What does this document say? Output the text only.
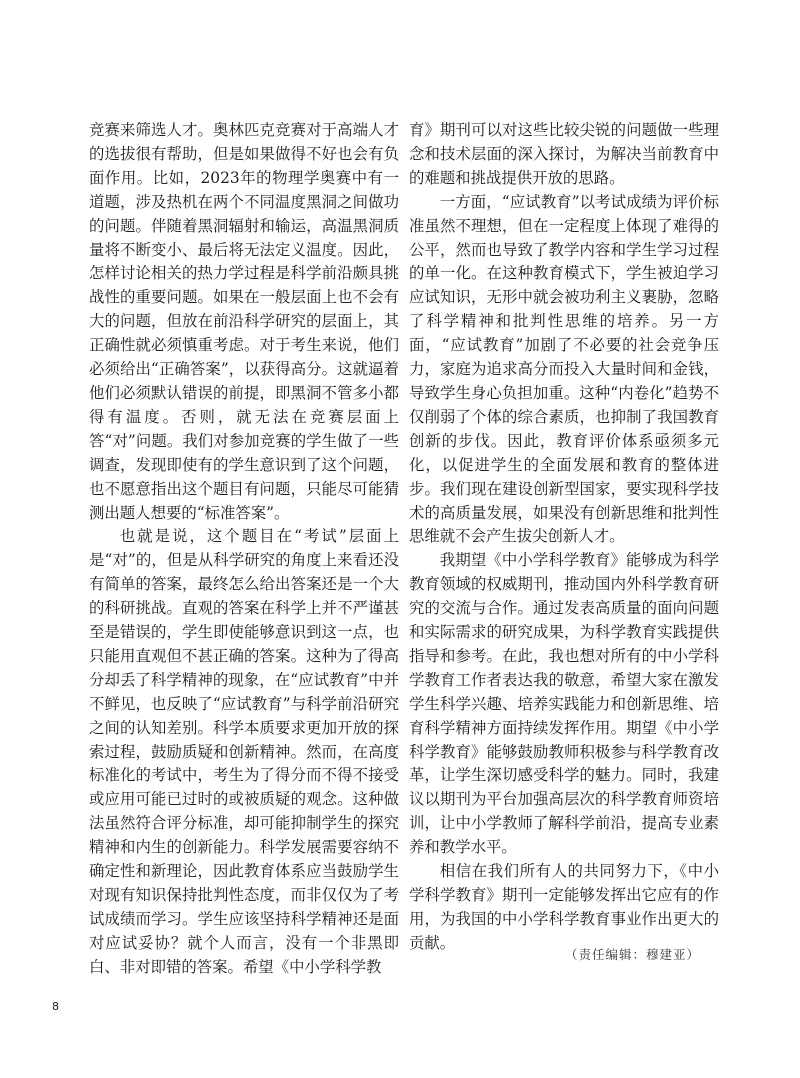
竞赛来筛选人才。奥林匹克竞赛对于高端人才的选拔很有帮助，但是如果做得不好也会有负面作用。比如，2023年的物理学奥赛中有一道题，涉及热机在两个不同温度黑洞之间做功的问题。伴随着黑洞辐射和输运，高温黑洞质量将不断变小、最后将无法定义温度。因此，怎样讨论相关的热力学过程是科学前沿颇具挑战性的重要问题。如果在一般层面上也不会有大的问题，但放在前沿科学研究的层面上，其正确性就必须慎重考虑。对于考生来说，他们必须给出“正确答案”，以获得高分。这就逼着他们必须默认错误的前提，即黑洞不管多小都得有温度。否则，就无法在竞赛层面上答“对”问题。我们对参加竞赛的学生做了一些调查，发现即使有的学生意识到了这个问题，也不愿意指出这个题目有问题，只能尽可能猜测出题人想要的“标准答案”。

也就是说，这个题目在“考试”层面上是“对”的，但是从科学研究的角度上来看还没有简单的答案，最终怎么给出答案还是一个大的科研挑战。直观的答案在科学上并不严谨甚至是错误的，学生即使能够意识到这一点，也只能用直观但不甚正确的答案。这种为了得高分却丢了科学精神的现象，在“应试教育”中并不鲜见，也反映了“应试教育”与科学前沿研究之间的认知差别。科学本质要求更加开放的探索过程，鼓励质疑和创新精神。然而，在高度标准化的考试中，考生为了得分而不得不接受或应用可能已过时的或被质疑的观念。这种做法虽然符合评分标准，却可能抑制学生的探究精神和内生的创新能力。科学发展需要容纳不确定性和新理论，因此教育体系应当鼓励学生对现有知识保持批判性态度，而非仅仅为了考试成绩而学习。学生应该坚持科学精神还是面对应试妥协？就个人而言，没有一个非黑即白、非对即错的答案。希望《中小学科学教

育》期刊可以对这些比较尖锐的问题做一些理念和技术层面的深入探讨，为解决当前教育中的难题和挑战提供开放的思路。

一方面，“应试教育”以考试成绩为评价标准虽然不理想，但在一定程度上体现了难得的公平，然而也导致了教学内容和学生学习过程的单一化。在这种教育模式下，学生被迫学习应试知识，无形中就会被功利主义裹胁，忽略了科学精神和批判性思维的培养。另一方面，“应试教育”加剧了不必要的社会竞争压力，家庭为追求高分而投入大量时间和金钱，导致学生身心负担加重。这种“内卷化”趋势不仅削弱了个体的综合素质，也抑制了我国教育创新的步伐。因此，教育评价体系亟须多元化，以促进学生的全面发展和教育的整体进步。我们现在建设创新型国家，要实现科学技术的高质量发展，如果没有创新思维和批判性思维就不会产生拔尖创新人才。

我期望《中小学科学教育》能够成为科学教育领域的权威期刊，推动国内外科学教育研究的交流与合作。通过发表高质量的面向问题和实际需求的研究成果，为科学教育实践提供指导和参考。在此，我也想对所有的中小学科学教育工作者表达我的敬意，希望大家在激发学生科学兴趣、培养实践能力和创新思维、培育科学精神方面持续发挥作用。期望《中小学科学教育》能够鼓励教师积极参与科学教育改革，让学生深切感受科学的魅力。同时，我建议以期刊为平台加强高层次的科学教育师资培训，让中小学教师了解科学前沿，提高专业素养和教学水平。

相信在我们所有人的共同努力下，《中小学科学教育》期刊一定能够发挥出它应有的作用，为我国的中小学科学教育事业作出更大的贡献。

（责任编辑：穆建亚）
8
